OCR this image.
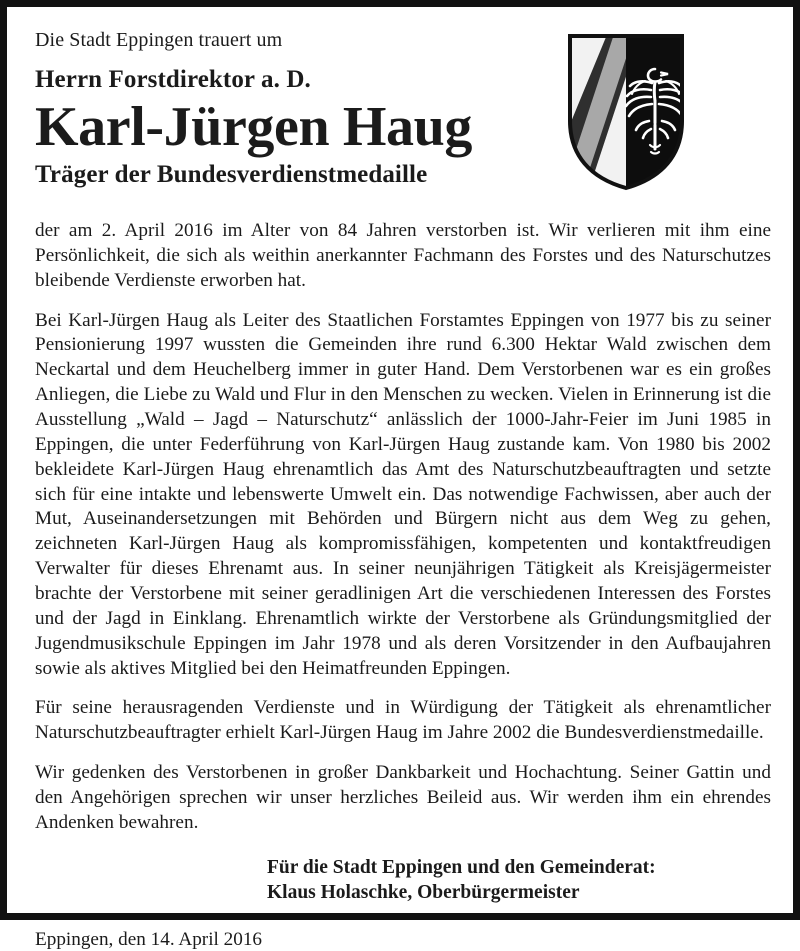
Die Stadt Eppingen trauert um

Herrn Forstdirektor a. D.

Karl-Jürgen Haug

Träger der Bundesverdienstmedaille

der am 2. April 2016 im Alter von 84 Jahren verstorben ist. Wir verlieren mit ihm eine Persönlichkeit, die sich als weithin anerkannter Fachmann des Forstes und des Naturschutzes bleibende Verdienste erworben hat.

Bei Karl-Jürgen Haug als Leiter des Staatlichen Forstamtes Eppingen von 1977 bis zu seiner Pensionierung 1997 wussten die Gemeinden ihre rund 6.300 Hektar Wald zwischen dem Neckartal und dem Heuchelberg immer in guter Hand. Dem Verstorbenen war es ein großes Anliegen, die Liebe zu Wald und Flur in den Menschen zu wecken. Vielen in Erinnerung ist die Ausstellung „Wald – Jagd – Naturschutz“ anlässlich der 1000-Jahr-Feier im Juni 1985 in Eppingen, die unter Federführung von Karl-Jürgen Haug zustande kam. Von 1980 bis 2002 bekleidete Karl-Jürgen Haug ehrenamtlich das Amt des Naturschutzbeauftragten und setzte sich für eine intakte und lebenswerte Umwelt ein. Das notwendige Fachwissen, aber auch der Mut, Auseinandersetzungen mit Behörden und Bürgern nicht aus dem Weg zu gehen, zeichneten Karl-Jürgen Haug als kompromissfähigen, kompetenten und kontaktfreudigen Verwalter für dieses Ehrenamt aus. In seiner neunjährigen Tätigkeit als Kreisjägermeister brachte der Verstorbene mit seiner geradlinigen Art die verschiedenen Interessen des Forstes und der Jagd in Einklang. Ehrenamtlich wirkte der Verstorbene als Gründungsmitglied der Jugendmusikschule Eppingen im Jahr 1978 und als deren Vorsitzender in den Aufbaujahren sowie als aktives Mitglied bei den Heimatfreunden Eppingen.

Für seine herausragenden Verdienste und in Würdigung der Tätigkeit als ehrenamtlicher Naturschutzbeauftragter erhielt Karl-Jürgen Haug im Jahre 2002 die Bundesverdienstmedaille.

Wir gedenken des Verstorbenen in großer Dankbarkeit und Hochachtung. Seiner Gattin und den Angehörigen sprechen wir unser herzliches Beileid aus. Wir werden ihm ein ehrendes Andenken bewahren.

Für die Stadt Eppingen und den Gemeinderat:
Klaus Holaschke, Oberbürgermeister

Eppingen, den 14. April 2016
